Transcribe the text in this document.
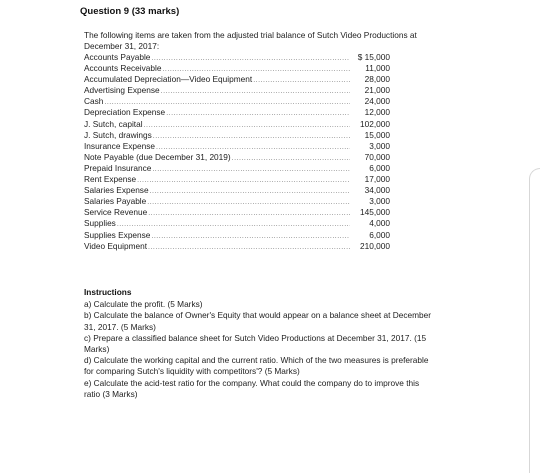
Question 9 (33 marks)
The following items are taken from the adjusted trial balance of Sutch Video Productions at December 31, 2017:
Accounts Payable .....	$ 15,000
Accounts Receivable .....	11,000
Accumulated Depreciation—Video Equipment .....	28,000
Advertising Expense .....	21,000
Cash .....	24,000
Depreciation Expense .....	12,000
J. Sutch, capital .....	102,000
J. Sutch, drawings .....	15,000
Insurance Expense .....	3,000
Note Payable (due December 31, 2019) .....	70,000
Prepaid Insurance .....	6,000
Rent Expense .....	17,000
Salaries Expense .....	34,000
Salaries Payable .....	3,000
Service Revenue .....	145,000
Supplies .....	4,000
Supplies Expense .....	6,000
Video Equipment .....	210,000
Instructions
a) Calculate the profit. (5 Marks)
b) Calculate the balance of Owner's Equity that would appear on a balance sheet at December 31, 2017. (5 Marks)
c) Prepare a classified balance sheet for Sutch Video Productions at December 31, 2017. (15 Marks)
d) Calculate the working capital and the current ratio. Which of the two measures is preferable for comparing Sutch's liquidity with competitors'? (5 Marks)
e) Calculate the acid-test ratio for the company. What could the company do to improve this ratio (3 Marks)
